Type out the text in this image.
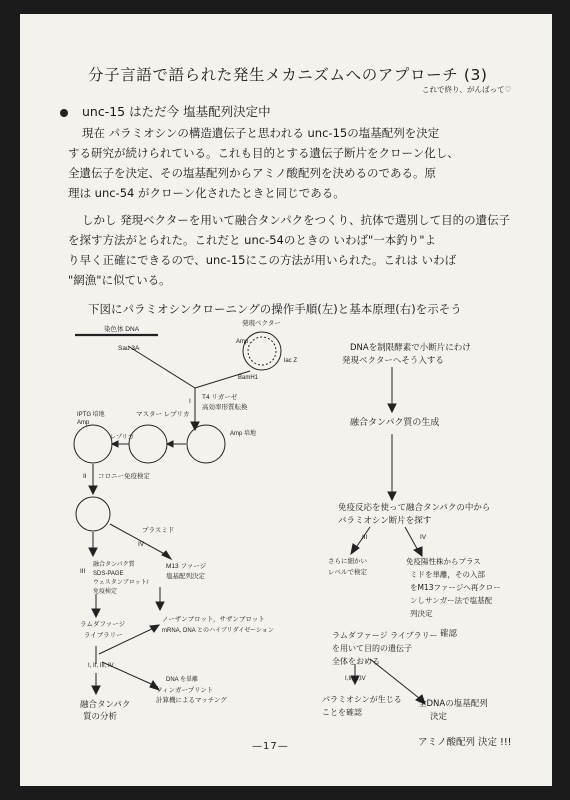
分子言語で語られた発生メカニズムへのアプローチ (3)
これで終り、がんばって♡
unc-15 はただ今 塩基配列決定中
現在 パラミオシンの構造遺伝子と思われる unc-15の塩基配列を決定
する研究が続けられている。これも目的とする遺伝子断片をクローン化し、
全遺伝子を決定、その塩基配列からアミノ酸配列を決めるのである。原
理は unc-54 がクローン化されたときと同じである。
しかし 発現ベクターを用いて融合タンパクをつくり、抗体で選別して目的の遺伝子
を探す方法がとられた。これだと unc-54のときの いわば"一本釣り"よ
り早く正確にできるので、unc-15にこの方法が用いられた。これは いわば
"網漁"に似ている。
下図にパラミオシンクローニングの操作手順(左)と基本原理(右)を示そう
染色体 DNA
Sau 3A
発現ベクター
Amp
lac Z
BamH1
I
T4 リガーゼ
高効率形質転換
IPTG 培地
Amp
マスター レプリカ
レプリカ
Amp 培地
II コロニー免疫検定
プラスミド
IV
III
融合タンパク質
SDS-PAGE
ウェスタンブロット/
免疫検定
M13 ファージ
塩基配列決定
ラムダファージ
ライブラリー
ノーザンブロット，サザンブロット
mRNA, DNA とのハイブリダイゼーション
I, II, III, IV
融合タンパク
質の分析
DNA を単離
フィンガープリント
計算機によるマッチング
DNAを制限酵素で小断片にわけ
発現ベクターへそう入する
融合タンパク質の生成
免疫反応を使って融合タンパクの中から
パラミオシン断片を探す
III	IV
さらに細かい
レベルで検定
免疫陽性株からプラス
ミドを単離，その入部
をM13ファージへ再クロー
ンしサンガー法で塩基配
列決定
確認
ラムダファージ ライブラリー
を用いて目的の遺伝子
全体をおめる
I,II,III,IV
パラミオシンが生じる
ことを確認
全DNAの塩基配列
決定
アミノ酸配列 決定 !!!
—17—
